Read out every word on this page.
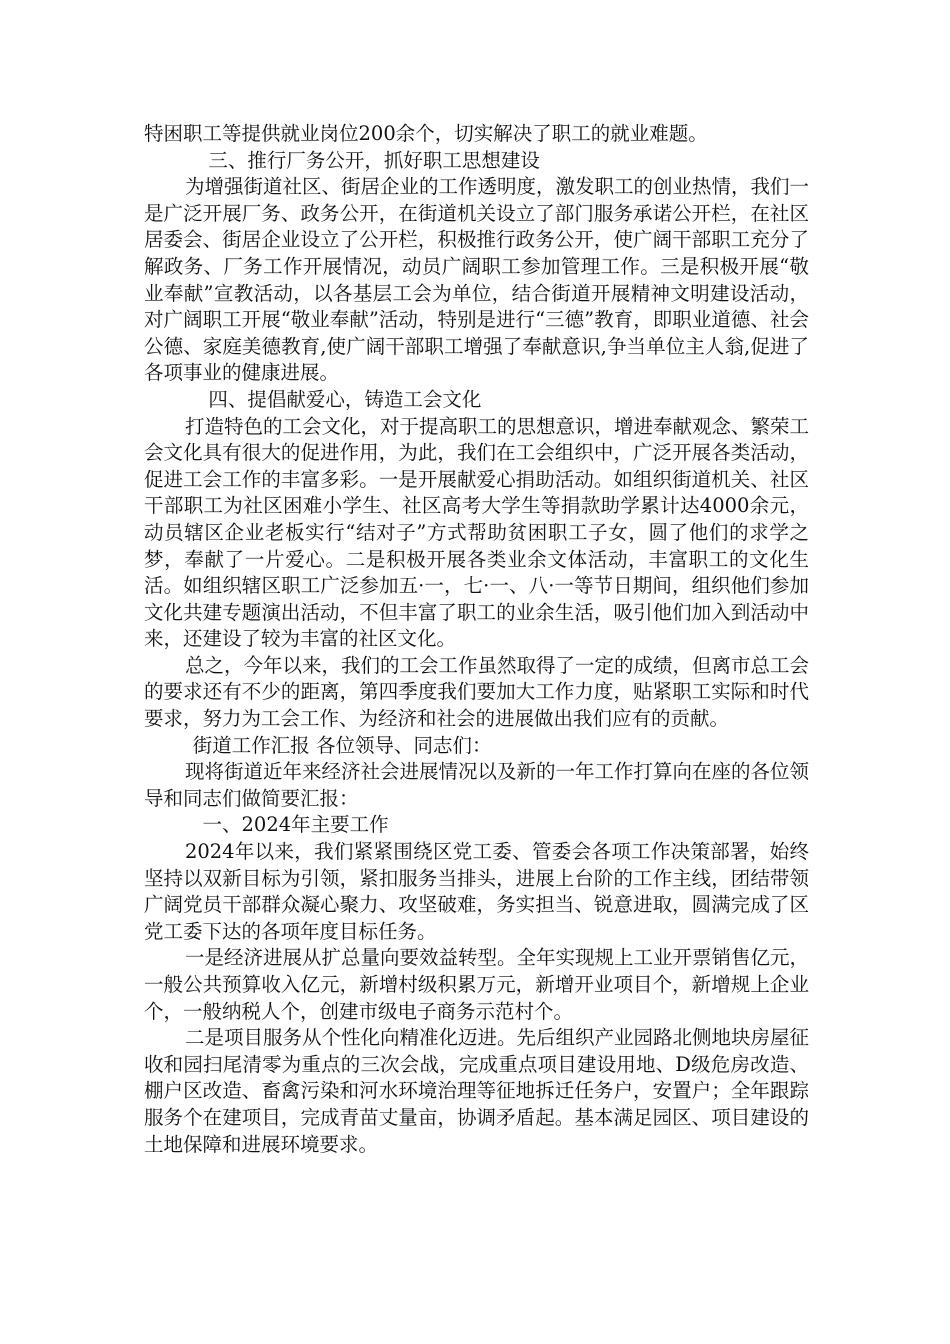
特困职工等提供就业岗位200余个，切实解决了职工的就业难题。

三、推行厂务公开，抓好职工思想建设

为增强街道社区、街居企业的工作透明度，激发职工的创业热情，我们一是广泛开展厂务、政务公开，在街道机关设立了部门服务承诺公开栏，在社区居委会、街居企业设立了公开栏，积极推行政务公开，使广阔干部职工充分了解政务、厂务工作开展情况，动员广阔职工参加管理工作。三是积极开展“敬业奉献”宣教活动，以各基层工会为单位，结合街道开展精神文明建设活动，对广阔职工开展“敬业奉献”活动，特别是进行“三德”教育，即职业道德、社会公德、家庭美德教育,使广阔干部职工增强了奉献意识,争当单位主人翁,促进了各项事业的健康进展。

四、提倡献爱心，铸造工会文化

打造特色的工会文化，对于提高职工的思想意识，增进奉献观念、繁荣工会文化具有很大的促进作用，为此，我们在工会组织中，广泛开展各类活动，促进工会工作的丰富多彩。一是开展献爱心捐助活动。如组织街道机关、社区干部职工为社区困难小学生、社区高考大学生等捐款助学累计达4000余元，动员辖区企业老板实行“结对子”方式帮助贫困职工子女，圆了他们的求学之梦，奉献了一片爱心。二是积极开展各类业余文体活动，丰富职工的文化生活。如组织辖区职工广泛参加五·一，七·一、八·一等节日期间，组织他们参加文化共建专题演出活动，不但丰富了职工的业余生活，吸引他们加入到活动中来，还建设了较为丰富的社区文化。

总之，今年以来，我们的工会工作虽然取得了一定的成绩，但离市总工会的要求还有不少的距离，第四季度我们要加大工作力度，贴紧职工实际和时代要求，努力为工会工作、为经济和社会的进展做出我们应有的贡献。

街道工作汇报 各位领导、同志们：

现将街道近年来经济社会进展情况以及新的一年工作打算向在座的各位领导和同志们做简要汇报：

一、2024年主要工作

2024年以来，我们紧紧围绕区党工委、管委会各项工作决策部署，始终坚持以双新目标为引领，紧扣服务当排头，进展上台阶的工作主线，团结带领广阔党员干部群众凝心聚力、攻坚破难，务实担当、锐意进取，圆满完成了区党工委下达的各项年度目标任务。

一是经济进展从扩总量向要效益转型。全年实现规上工业开票销售亿元，一般公共预算收入亿元，新增村级积累万元，新增开业项目个，新增规上企业个，一般纳税人个，创建市级电子商务示范村个。

二是项目服务从个性化向精准化迈进。先后组织产业园路北侧地块房屋征收和园扫尾清零为重点的三次会战，完成重点项目建设用地、D级危房改造、棚户区改造、畜禽污染和河水环境治理等征地拆迁任务户，安置户；全年跟踪服务个在建项目，完成青苗丈量亩，协调矛盾起。基本满足园区、项目建设的土地保障和进展环境要求。
